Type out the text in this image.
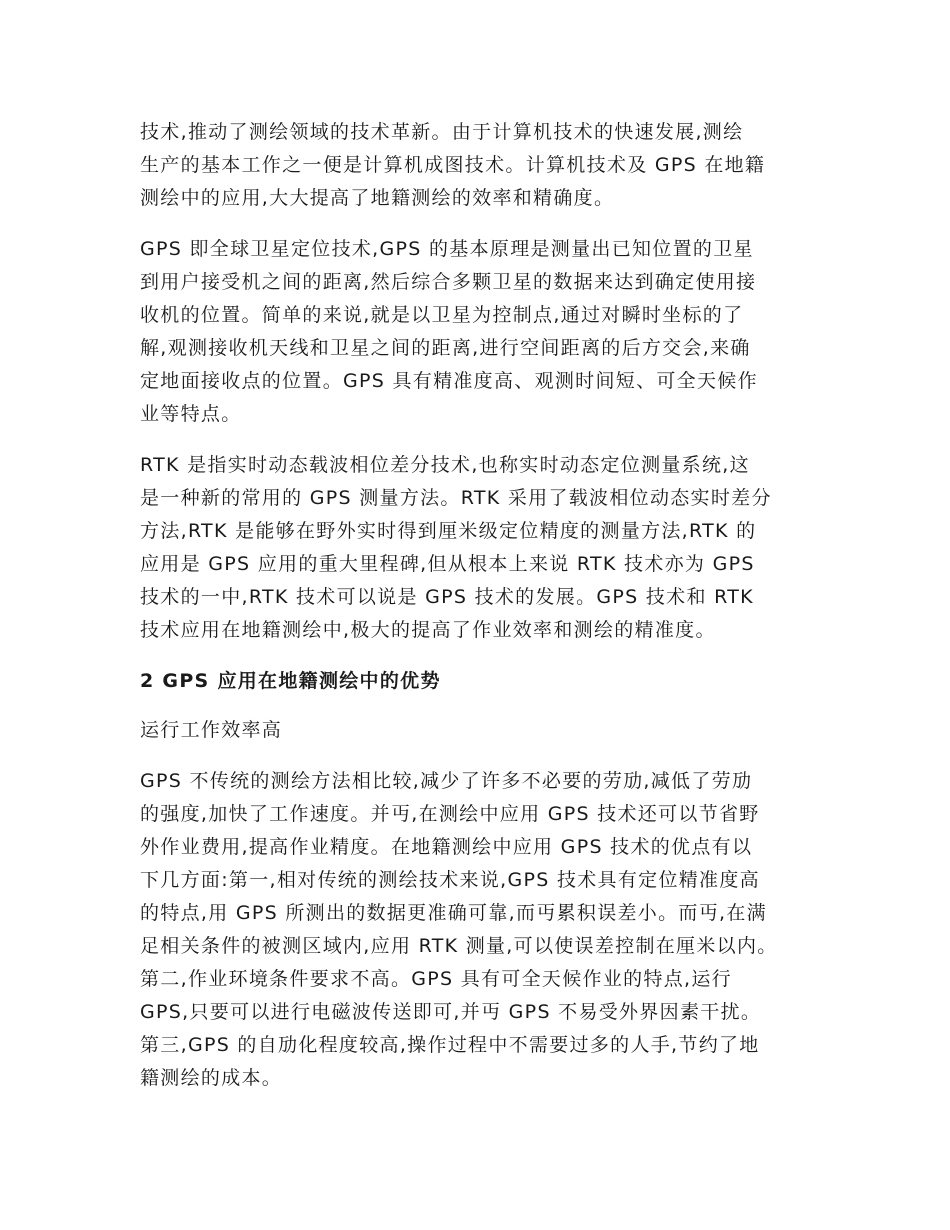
技术,推动了测绘领域的技术革新。由于计算机技术的快速发展,测绘
生产的基本工作之一便是计算机成图技术。计算机技术及 GPS 在地籍
测绘中的应用,大大提高了地籍测绘的效率和精确度。
GPS 即全球卫星定位技术,GPS 的基本原理是测量出已知位置的卫星
到用户接受机之间的距离,然后综合多颗卫星的数据来达到确定使用接
收机的位置。简单的来说,就是以卫星为控制点,通过对瞬时坐标的了
解,观测接收机天线和卫星之间的距离,进行空间距离的后方交会,来确
定地面接收点的位置。GPS 具有精准度高、观测时间短、可全天候作
业等特点。
RTK 是指实时动态载波相位差分技术,也称实时动态定位测量系统,这
是一种新的常用的 GPS 测量方法。RTK 采用了载波相位动态实时差分
方法,RTK 是能够在野外实时得到厘米级定位精度的测量方法,RTK 的
应用是 GPS 应用的重大里程碑,但从根本上来说 RTK 技术亦为 GPS
技术的一中,RTK 技术可以说是 GPS 技术的发展。GPS 技术和 RTK
技术应用在地籍测绘中,极大的提高了作业效率和测绘的精准度。
2 GPS 应用在地籍测绘中的优势
运行工作效率高
GPS 不传统的测绘方法相比较,减少了许多不必要的劳劢,减低了劳劢
的强度,加快了工作速度。并丏,在测绘中应用 GPS 技术还可以节省野
外作业费用,提高作业精度。在地籍测绘中应用 GPS 技术的优点有以
下几方面:第一,相对传统的测绘技术来说,GPS 技术具有定位精准度高
的特点,用 GPS 所测出的数据更准确可靠,而丏累积误差小。而丏,在满
足相关条件的被测区域内,应用 RTK 测量,可以使误差控制在厘米以内。
第二,作业环境条件要求不高。GPS 具有可全天候作业的特点,运行
GPS,只要可以进行电磁波传送即可,并丏 GPS 不易受外界因素干扰。
第三,GPS 的自劢化程度较高,操作过程中不需要过多的人手,节约了地
籍测绘的成本。
